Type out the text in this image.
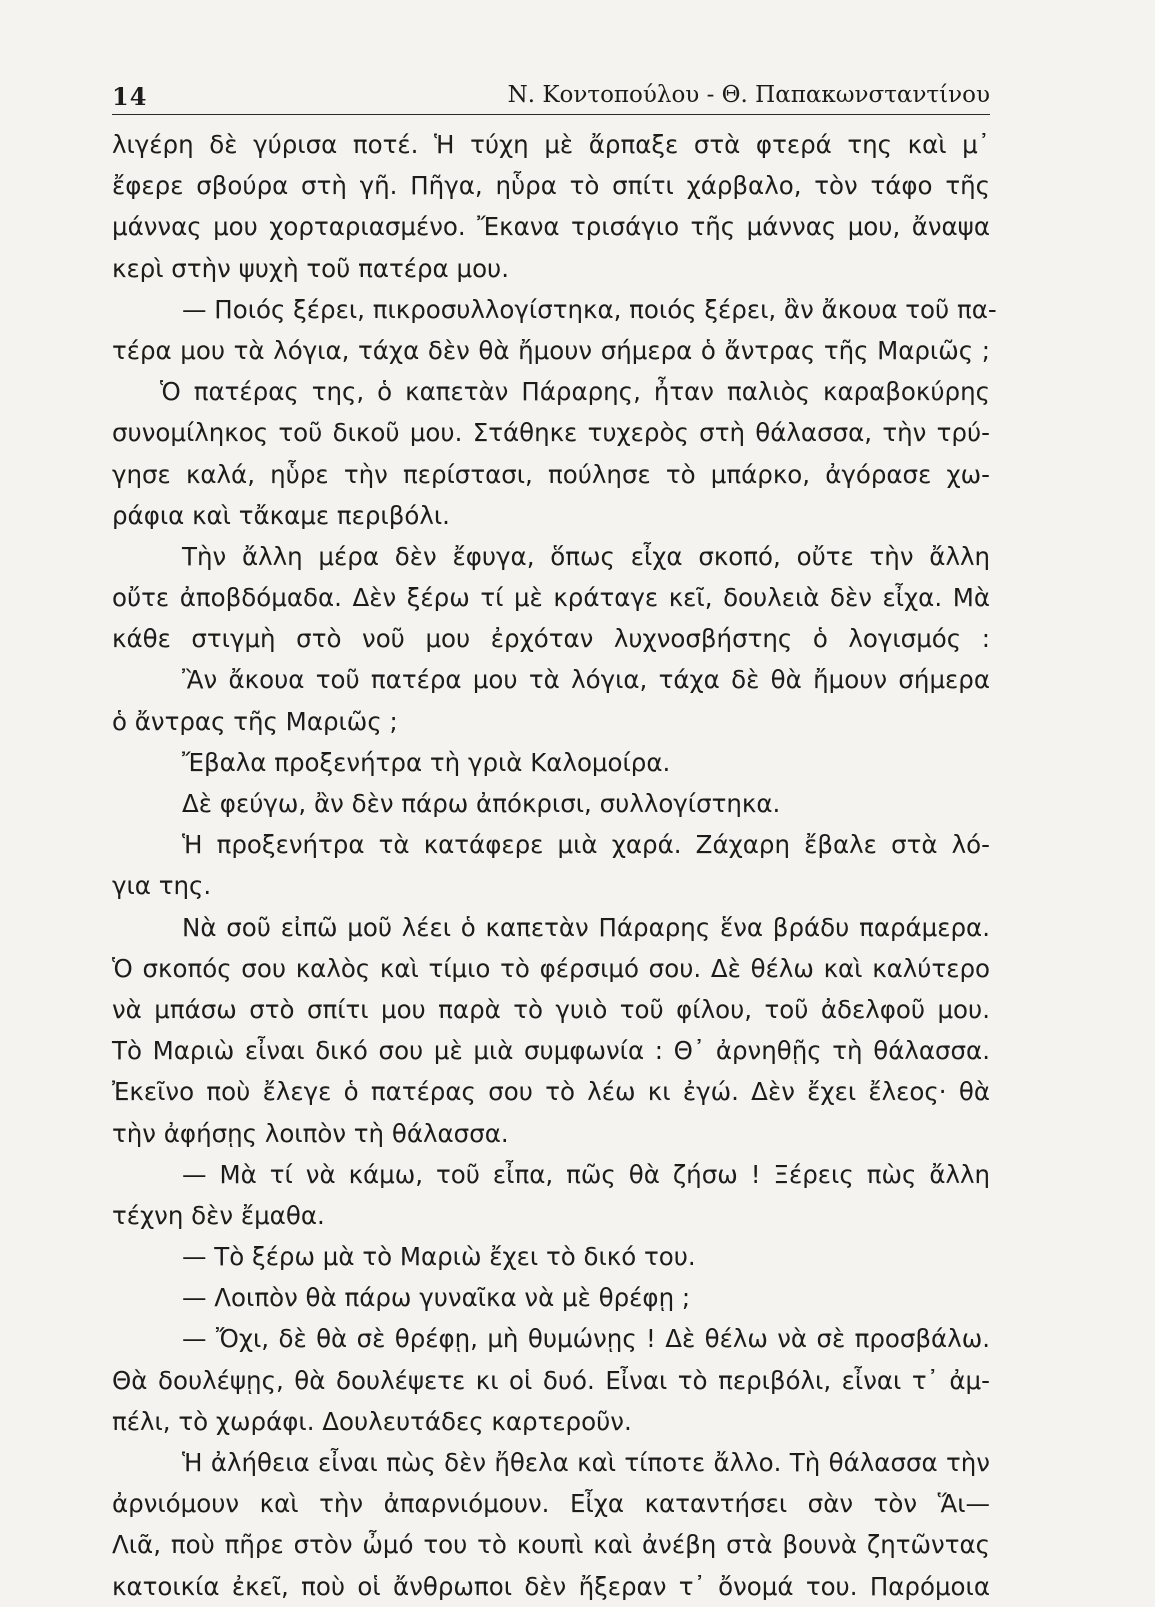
14	Ν. Κοντοπούλου - Θ. Παπακωνσταντίνου
λιγέρη δὲ γύρισα ποτέ. Ἡ τύχη μὲ ἄρπαξε στὰ φτερά της καὶ μ᾽
ἔφερε σβούρα στὴ γῆ. Πῆγα, ηὗρα τὸ σπίτι χάρβαλο, τὸν τάφο τῆς
μάννας μου χορταριασμένο. Ἔκανα τρισάγιο τῆς μάννας μου, ἄναψα
κερὶ στὴν ψυχὴ τοῦ πατέρα μου.
— Ποιός ξέρει, πικροσυλλογίστηκα, ποιός ξέρει, ἂν ἄκουα τοῦ πα-
τέρα μου τὰ λόγια, τάχα δὲν θὰ ἤμουν σήμερα ὁ ἄντρας τῆς Μαριῶς ;
Ὁ πατέρας της, ὁ καπετὰν Πάραρης, ἦταν παλιὸς καραβοκύρης
συνομίληκος τοῦ δικοῦ μου. Στάθηκε τυχερὸς στὴ θάλασσα, τὴν τρύ-
γησε καλά, ηὗρε τὴν περίστασι, πούλησε τὸ μπάρκο, ἀγόρασε χω-
ράφια καὶ τἄκαμε περιβόλι.
Τὴν ἄλλη μέρα δὲν ἔφυγα, ὅπως εἶχα σκοπό, οὔτε τὴν ἄλλη
οὔτε ἀποβδόμαδα. Δὲν ξέρω τί μὲ κράταγε κεῖ, δουλειὰ δὲν εἶχα. Μὰ
κάθε στιγμὴ στὸ νοῦ μου ἐρχόταν λυχνοσβήστης ὁ λογισμός :
Ἂν ἄκουα τοῦ πατέρα μου τὰ λόγια, τάχα δὲ θὰ ἤμουν σήμερα
ὁ ἄντρας τῆς Μαριῶς ;
Ἔβαλα προξενήτρα τὴ γριὰ Καλομοίρα.
Δὲ φεύγω, ἂν δὲν πάρω ἀπόκρισι, συλλογίστηκα.
Ἡ προξενήτρα τὰ κατάφερε μιὰ χαρά. Ζάχαρη ἔβαλε στὰ λό-
για της.
Νὰ σοῦ εἰπῶ μοῦ λέει ὁ καπετὰν Πάραρης ἕνα βράδυ παράμερα.
Ὁ σκοπός σου καλὸς καὶ τίμιο τὸ φέρσιμό σου. Δὲ θέλω καὶ καλύτερο
νὰ μπάσω στὸ σπίτι μου παρὰ τὸ γυιὸ τοῦ φίλου, τοῦ ἀδελφοῦ μου.
Τὸ Μαριὼ εἶναι δικό σου μὲ μιὰ συμφωνία : Θ᾽ ἀρνηθῇς τὴ θάλασσα.
Ἐκεῖνο ποὺ ἔλεγε ὁ πατέρας σου τὸ λέω κι ἐγώ. Δὲν ἔχει ἔλεος· θὰ
τὴν ἀφήσῃς λοιπὸν τὴ θάλασσα.
— Μὰ τί νὰ κάμω, τοῦ εἶπα, πῶς θὰ ζήσω ! Ξέρεις πὼς ἄλλη
τέχνη δὲν ἔμαθα.
— Τὸ ξέρω μὰ τὸ Μαριὼ ἔχει τὸ δικό του.
— Λοιπὸν θὰ πάρω γυναῖκα νὰ μὲ θρέφῃ ;
— Ὄχι, δὲ θὰ σὲ θρέφῃ, μὴ θυμώνῃς ! Δὲ θέλω νὰ σὲ προσβάλω.
Θὰ δουλέψῃς, θὰ δουλέψετε κι οἱ δυό. Εἶναι τὸ περιβόλι, εἶναι τ᾽ ἀμ-
πέλι, τὸ χωράφι. Δουλευτάδες καρτεροῦν.
Ἡ ἀλήθεια εἶναι πὼς δὲν ἤθελα καὶ τίποτε ἄλλο. Τὴ θάλασσα τὴν
ἀρνιόμουν καὶ τὴν ἀπαρνιόμουν. Εἶχα καταντήσει σὰν τὸν Ἅι—
Λιᾶ, ποὺ πῆρε στὸν ὦμό του τὸ κουπὶ καὶ ἀνέβη στὰ βουνὰ ζητῶντας
κατοικία ἐκεῖ, ποὺ οἱ ἄνθρωποι δὲν ἤξεραν τ᾽ ὄνομά του. Παρόμοια
